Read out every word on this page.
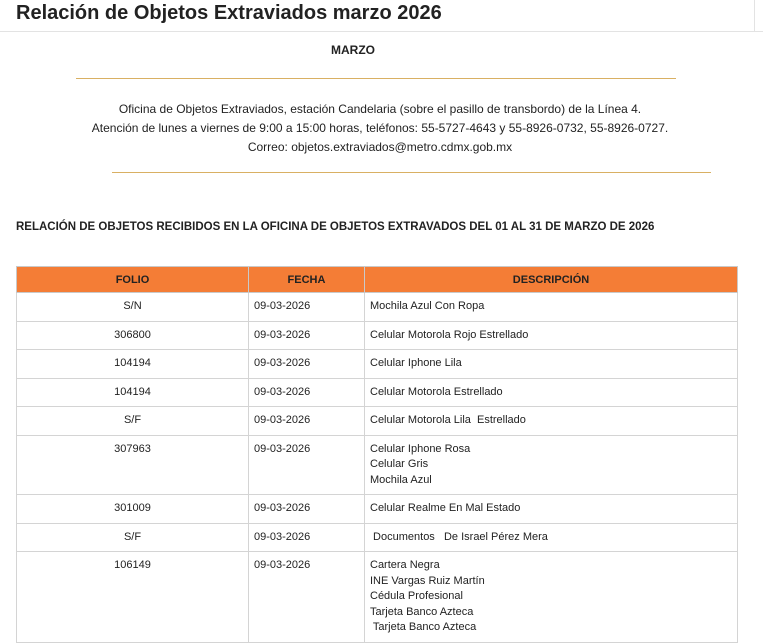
Relación de Objetos Extraviados marzo 2026
MARZO
Oficina de Objetos Extraviados, estación Candelaria (sobre el pasillo de transbordo) de la Línea 4.
Atención de lunes a viernes de 9:00 a 15:00 horas, teléfonos: 55-5727-4643 y 55-8926-0732, 55-8926-0727.
Correo: objetos.extraviados@metro.cdmx.gob.mx
RELACIÓN DE OBJETOS RECIBIDOS EN LA OFICINA DE OBJETOS EXTRAVADOS DEL 01 AL 31 DE MARZO DE 2026
FOLIO	FECHA	DESCRIPCIÓN
S/N	09-03-2026	Mochila Azul Con Ropa

306800	09-03-2026	Celular Motorola Rojo Estrellado

104194	09-03-2026	Celular Iphone Lila

104194	09-03-2026	Celular Motorola Estrellado

S/F	09-03-2026	Celular Motorola Lila  Estrellado

307963	09-03-2026	Celular Iphone Rosa
Celular Gris
Mochila Azul

301009	09-03-2026	Celular Realme En Mal Estado

S/F	09-03-2026	Documentos   De Israel Pérez Mera

106149	09-03-2026	Cartera Negra
INE Vargas Ruiz Martín
Cédula Profesional
Tarjeta Banco Azteca
Tarjeta Banco Azteca
